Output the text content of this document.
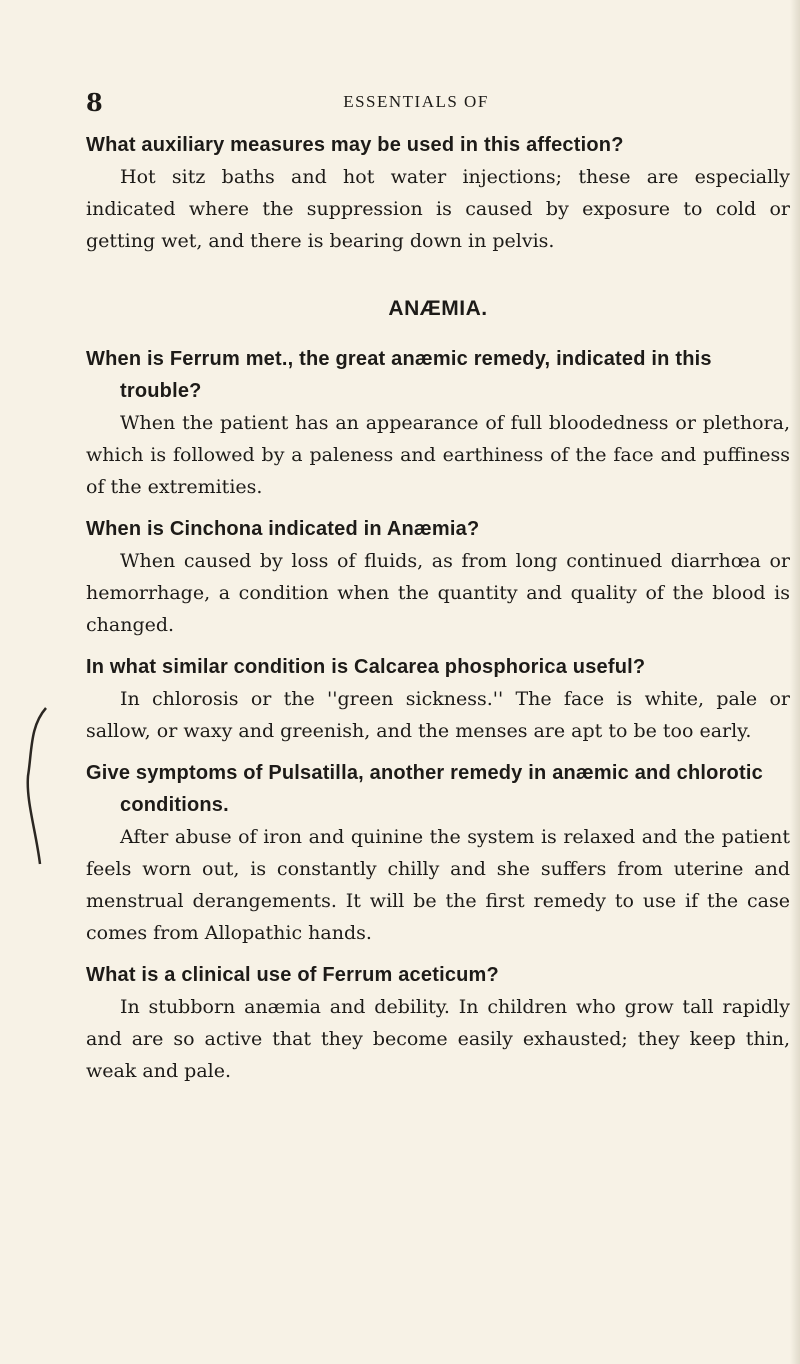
8	ESSENTIALS OF

What auxiliary measures may be used in this affection?

Hot sitz baths and hot water injections; these are especially indicated where the suppression is caused by exposure to cold or getting wet, and there is bearing down in pelvis.

ANÆMIA.

When is Ferrum met., the great anæmic remedy, indicated in this trouble?

When the patient has an appearance of full bloodedness or plethora, which is followed by a paleness and earthiness of the face and puffiness of the extremities.

When is Cinchona indicated in Anæmia?

When caused by loss of fluids, as from long continued diarrhœa or hemorrhage, a condition when the quantity and quality of the blood is changed.

In what similar condition is Calcarea phosphorica useful?

In chlorosis or the ''green sickness.'' The face is white, pale or sallow, or waxy and greenish, and the menses are apt to be too early.

Give symptoms of Pulsatilla, another remedy in anæmic and chlorotic conditions.

After abuse of iron and quinine the system is relaxed and the patient feels worn out, is constantly chilly and she suffers from uterine and menstrual derangements. It will be the first remedy to use if the case comes from Allopathic hands.

What is a clinical use of Ferrum aceticum?

In stubborn anæmia and debility. In children who grow tall rapidly and are so active that they become easily exhausted; they keep thin, weak and pale.
